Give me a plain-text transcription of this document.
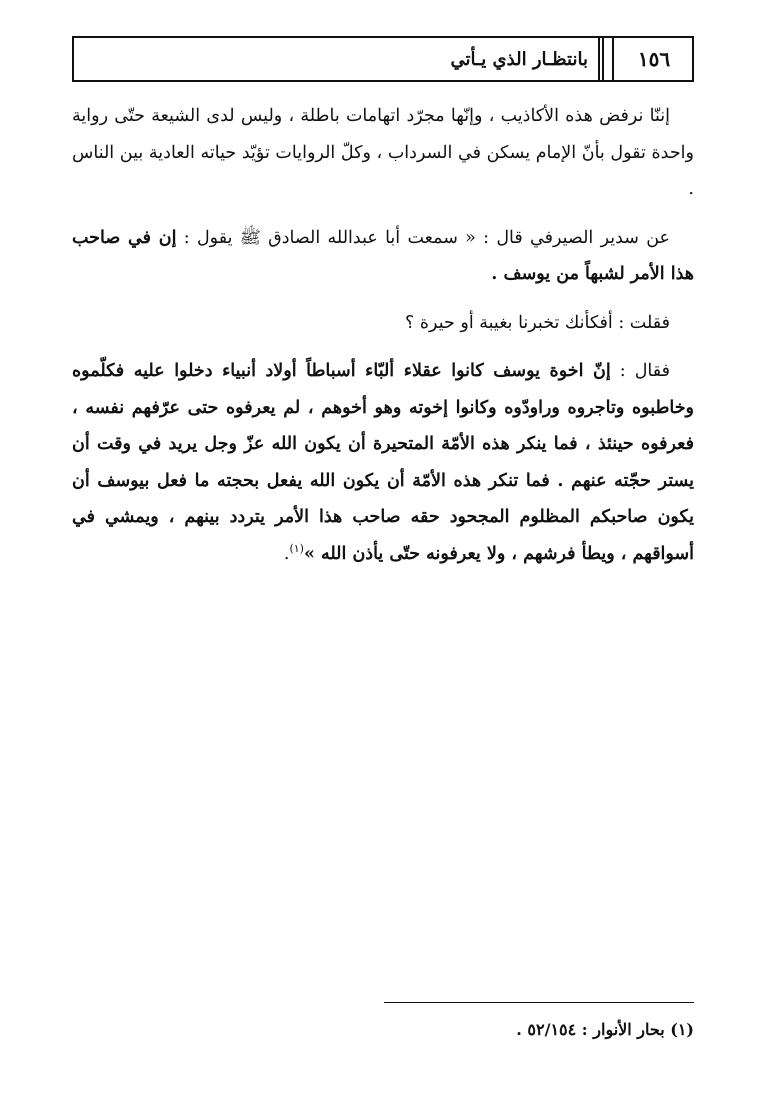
١٥٦
بانتظـار الذي يـأتي

إننّا نرفض هذه الأكاذيب ، وإنّها مجرّد اتهامات باطلة ، وليس لدى الشيعة حتّى رواية واحدة تقول بأنّ الإمام يسكن في السرداب ، وكلّ الروايات تؤيّد حياته العادية بين الناس .

عن سدير الصيرفي قال : « سمعت أبا عبدالله الصادق ﷺ يقول : إن في صاحب هذا الأمر لشبهاً من يوسف .

فقلت : أفكأنك تخبرنا بغيبة أو حيرة ؟

فقال : إنّ اخوة يوسف كانوا عقلاء ألبّاء أسباطاً أولاد أنبياء دخلوا عليه فكلّموه وخاطبوه وتاجروه وراودّوه وكانوا إخوته وهو أخوهم ، لم يعرفوه حتى عرّفهم نفسه ، فعرفوه حينئذ ، فما ينكر هذه الأمّة المتحيرة أن يكون الله عزّ وجل يريد في وقت أن يستر حجّته عنهم . فما تنكر هذه الأمّة أن يكون الله يفعل بحجته ما فعل بيوسف أن يكون صاحبكم المظلوم المجحود حقه صاحب هذا الأمر يتردد بينهم ، ويمشي في أسواقهم ، ويطأ فرشهم ، ولا يعرفونه حتّى يأذن الله »$^{(١)}$.

(١) بحار الأنوار : ٥٢/١٥٤ .
